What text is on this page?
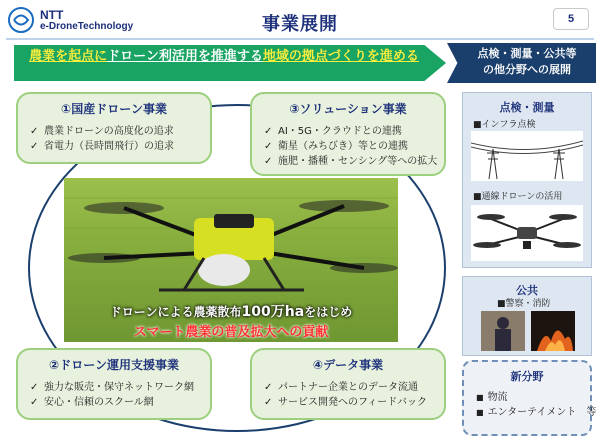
NTT
e-DroneTechnology	事業展開	5
農業を起点にドローン利活用を推進する地域の拠点づくりを進める	点検・測量・公共等
の他分野への展開
ドローンによる農薬散布100万haをはじめ
スマート農業の普及拡大への貢献
①国産ドローン事業
✓ 農業ドローンの高度化の追求
✓ 省電力（長時間飛行）の追求
③ソリューション事業
✓ AI・5G・クラウドとの連携
✓ 衛星（みちびき）等との連携
✓ 施肥・播種・センシング等への拡大
②ドローン運用支援事業
✓ 強力な販売・保守ネットワーク網
✓ 安心・信頼のスクール網
④データ事業
✓ パートナー企業とのデータ流通
✓ サービス開発へのフィードバック
点検・測量
■インフラ点検
■通線ドローンの活用
公共
■警察・消防
新分野
■ 物流
■ エンターテイメント　等
